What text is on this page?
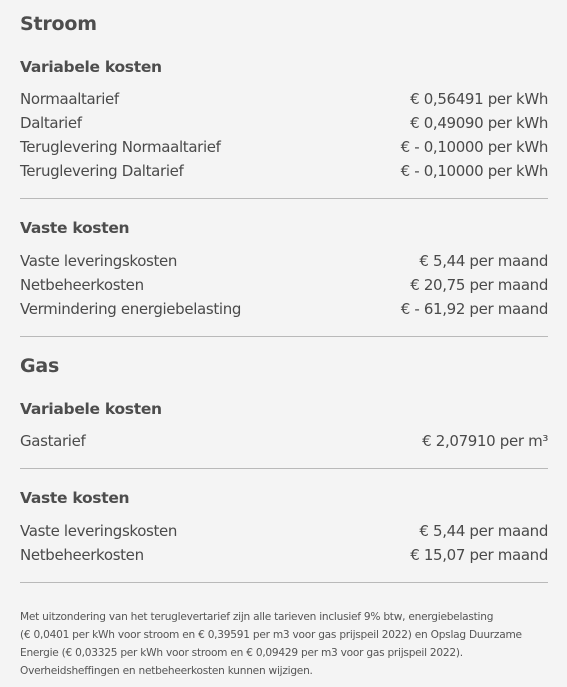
Stroom
Variabele kosten
Normaaltarief	€ 0,56491 per kWh
Daltarief	€ 0,49090 per kWh
Teruglevering Normaaltarief	€ - 0,10000 per kWh
Teruglevering Daltarief	€ - 0,10000 per kWh
Vaste kosten
Vaste leveringskosten	€ 5,44 per maand
Netbeheerkosten	€ 20,75 per maand
Vermindering energiebelasting	€ - 61,92 per maand
Gas
Variabele kosten
Gastarief	€ 2,07910 per m³
Vaste kosten
Vaste leveringskosten	€ 5,44 per maand
Netbeheerkosten	€ 15,07 per maand

Met uitzondering van het teruglevertarief zijn alle tarieven inclusief 9% btw, energiebelasting

(€ 0,0401 per kWh voor stroom en € 0,39591 per m3 voor gas prijspeil 2022) en Opslag Duurzame

Energie (€ 0,03325 per kWh voor stroom en € 0,09429 per m3 voor gas prijspeil 2022).

Overheidsheffingen en netbeheerkosten kunnen wijzigen.
